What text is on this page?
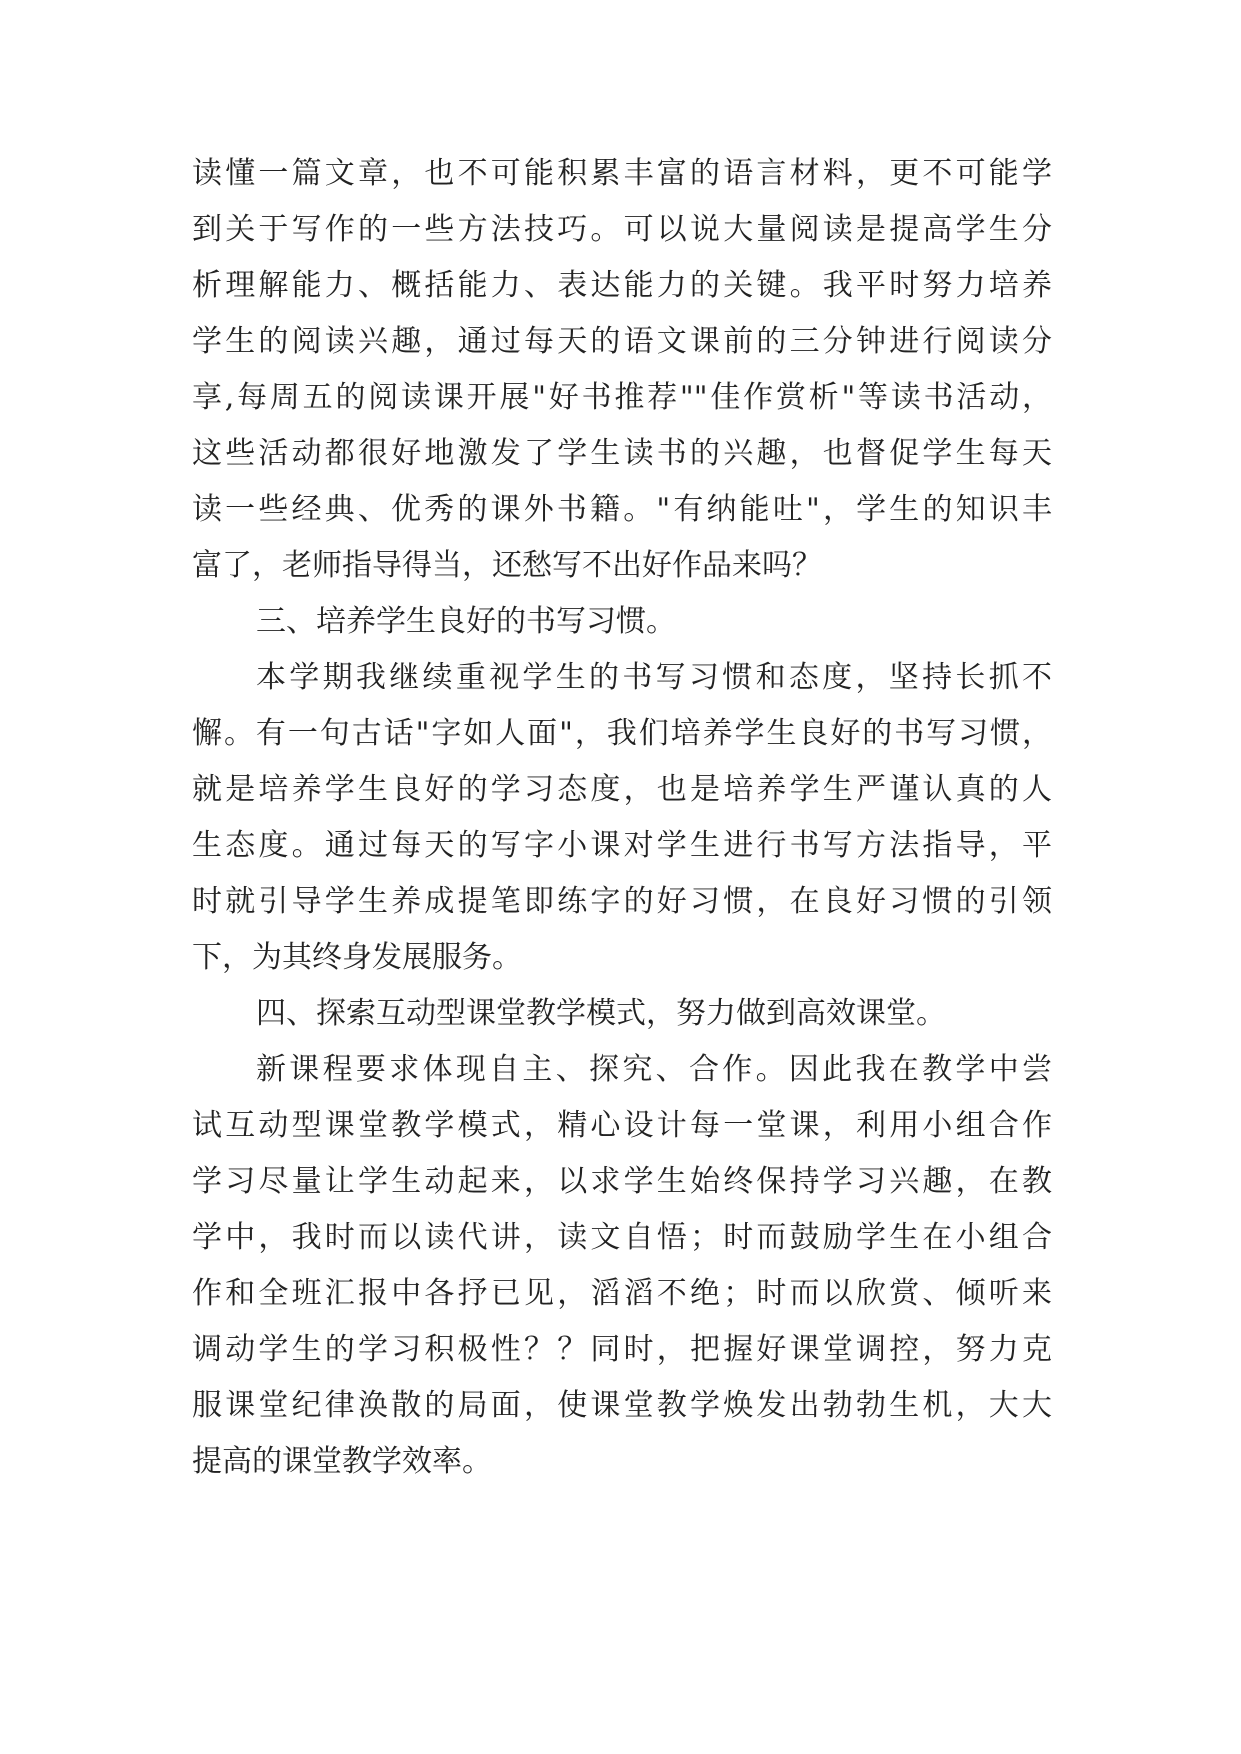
读懂一篇文章，也不可能积累丰富的语言材料，更不可能学
到关于写作的一些方法技巧。可以说大量阅读是提高学生分
析理解能力、概括能力、表达能力的关键。我平时努力培养
学生的阅读兴趣，通过每天的语文课前的三分钟进行阅读分
享,每周五的阅读课开展"好书推荐""佳作赏析"等读书活动，
这些活动都很好地激发了学生读书的兴趣，也督促学生每天
读一些经典、优秀的课外书籍。"有纳能吐"，学生的知识丰
富了，老师指导得当，还愁写不出好作品来吗？
三、培养学生良好的书写习惯。
本学期我继续重视学生的书写习惯和态度，坚持长抓不
懈。有一句古话"字如人面"，我们培养学生良好的书写习惯，
就是培养学生良好的学习态度，也是培养学生严谨认真的人
生态度。通过每天的写字小课对学生进行书写方法指导，平
时就引导学生养成提笔即练字的好习惯，在良好习惯的引领
下，为其终身发展服务。
四、探索互动型课堂教学模式，努力做到高效课堂。
新课程要求体现自主、探究、合作。因此我在教学中尝
试互动型课堂教学模式，精心设计每一堂课，利用小组合作
学习尽量让学生动起来，以求学生始终保持学习兴趣，在教
学中，我时而以读代讲，读文自悟；时而鼓励学生在小组合
作和全班汇报中各抒已见，滔滔不绝；时而以欣赏、倾听来
调动学生的学习积极性？？同时，把握好课堂调控，努力克
服课堂纪律涣散的局面，使课堂教学焕发出勃勃生机，大大
提高的课堂教学效率。
